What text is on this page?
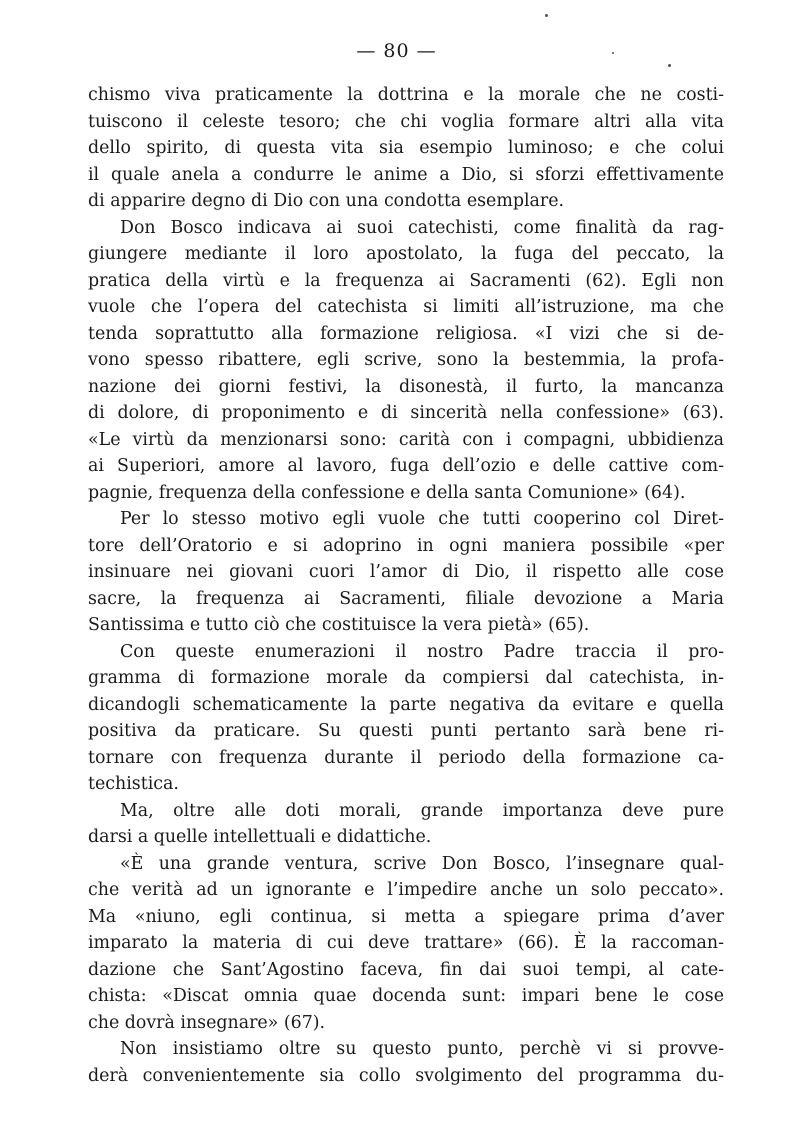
— 80 —
chismo viva praticamente la dottrina e la morale che ne costi-
tuiscono il celeste tesoro; che chi voglia formare altri alla vita
dello spirito, di questa vita sia esempio luminoso; e che colui
il quale anela a condurre le anime a Dio, si sforzi effettivamente
di apparire degno di Dio con una condotta esemplare.
Don Bosco indicava ai suoi catechisti, come finalità da rag-
giungere mediante il loro apostolato, la fuga del peccato, la
pratica della virtù e la frequenza ai Sacramenti (62). Egli non
vuole che l’opera del catechista si limiti all’istruzione, ma che
tenda soprattutto alla formazione religiosa. «I vizi che si de-
vono spesso ribattere, egli scrive, sono la bestemmia, la profa-
nazione dei giorni festivi, la disonestà, il furto, la mancanza
di dolore, di proponimento e di sincerità nella confessione» (63).
«Le virtù da menzionarsi sono: carità con i compagni, ubbidienza
ai Superiori, amore al lavoro, fuga dell’ozio e delle cattive com-
pagnie, frequenza della confessione e della santa Comunione» (64).
Per lo stesso motivo egli vuole che tutti cooperino col Diret-
tore dell’Oratorio e si adoprino in ogni maniera possibile «per
insinuare nei giovani cuori l’amor di Dio, il rispetto alle cose
sacre, la frequenza ai Sacramenti, filiale devozione a Maria
Santissima e tutto ciò che costituisce la vera pietà» (65).
Con queste enumerazioni il nostro Padre traccia il pro-
gramma di formazione morale da compiersi dal catechista, in-
dicandogli schematicamente la parte negativa da evitare e quella
positiva da praticare. Su questi punti pertanto sarà bene ri-
tornare con frequenza durante il periodo della formazione ca-
techistica.
Ma, oltre alle doti morali, grande importanza deve pure
darsi a quelle intellettuali e didattiche.
«È una grande ventura, scrive Don Bosco, l’insegnare qual-
che verità ad un ignorante e l’impedire anche un solo peccato».
Ma «niuno, egli continua, si metta a spiegare prima d’aver
imparato la materia di cui deve trattare» (66). È la raccoman-
dazione che Sant’Agostino faceva, fin dai suoi tempi, al cate-
chista: «Discat omnia quae docenda sunt: impari bene le cose
che dovrà insegnare» (67).
Non insistiamo oltre su questo punto, perchè vi si provve-
derà convenientemente sia collo svolgimento del programma du-
